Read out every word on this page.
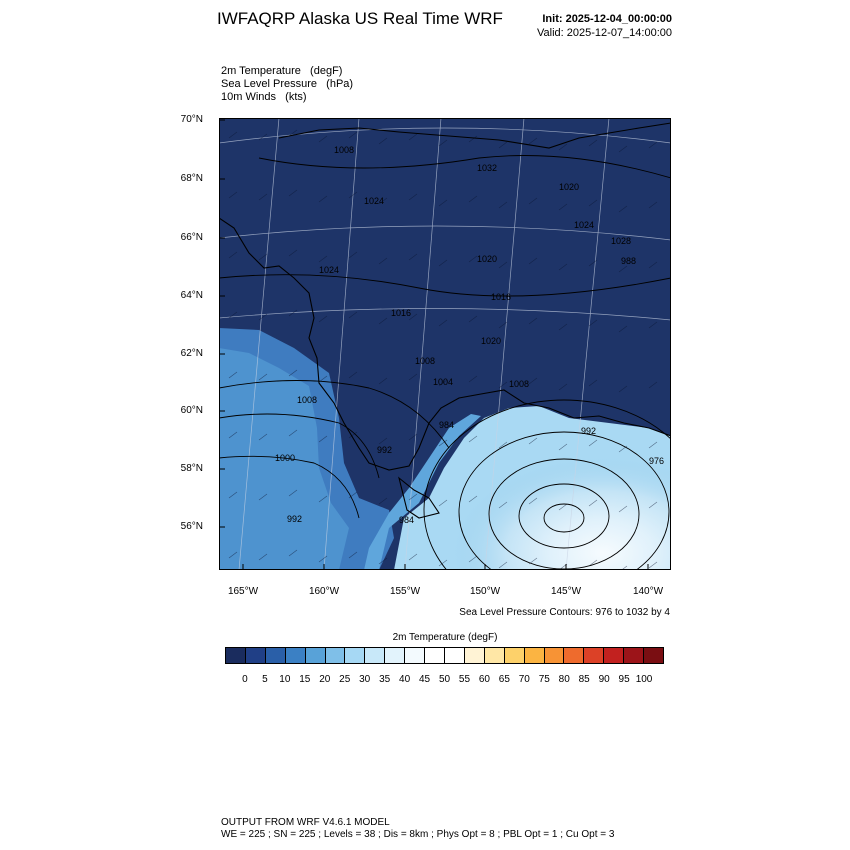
IWFAQRP Alaska US Real Time WRF	Init: 2025-12-04_00:00:00
Valid: 2025-12-07_14:00:00
2m Temperature   (degF)
Sea Level Pressure   (hPa)
10m Winds   (kts)
1008
1032
1024
1020
1024
1024
1020
1028
1016
1016
1020
1008
1008
1008
1000
992
992	984
992
984
976
988
1004
70°N
68°N
66°N
64°N
62°N
60°N
58°N
56°N
165°W	160°W	155°W	150°W	145°W	140°W
Sea Level Pressure Contours: 976 to 1032 by 4
2m Temperature (degF)
0 5 10 15 20 25 30 35 40 45 50 55 60 65 70 75 80 85 90 95 100
OUTPUT FROM WRF V4.6.1 MODEL
WE = 225 ; SN = 225 ; Levels = 38 ; Dis = 8km ; Phys Opt = 8 ; PBL Opt = 1 ; Cu Opt = 3
